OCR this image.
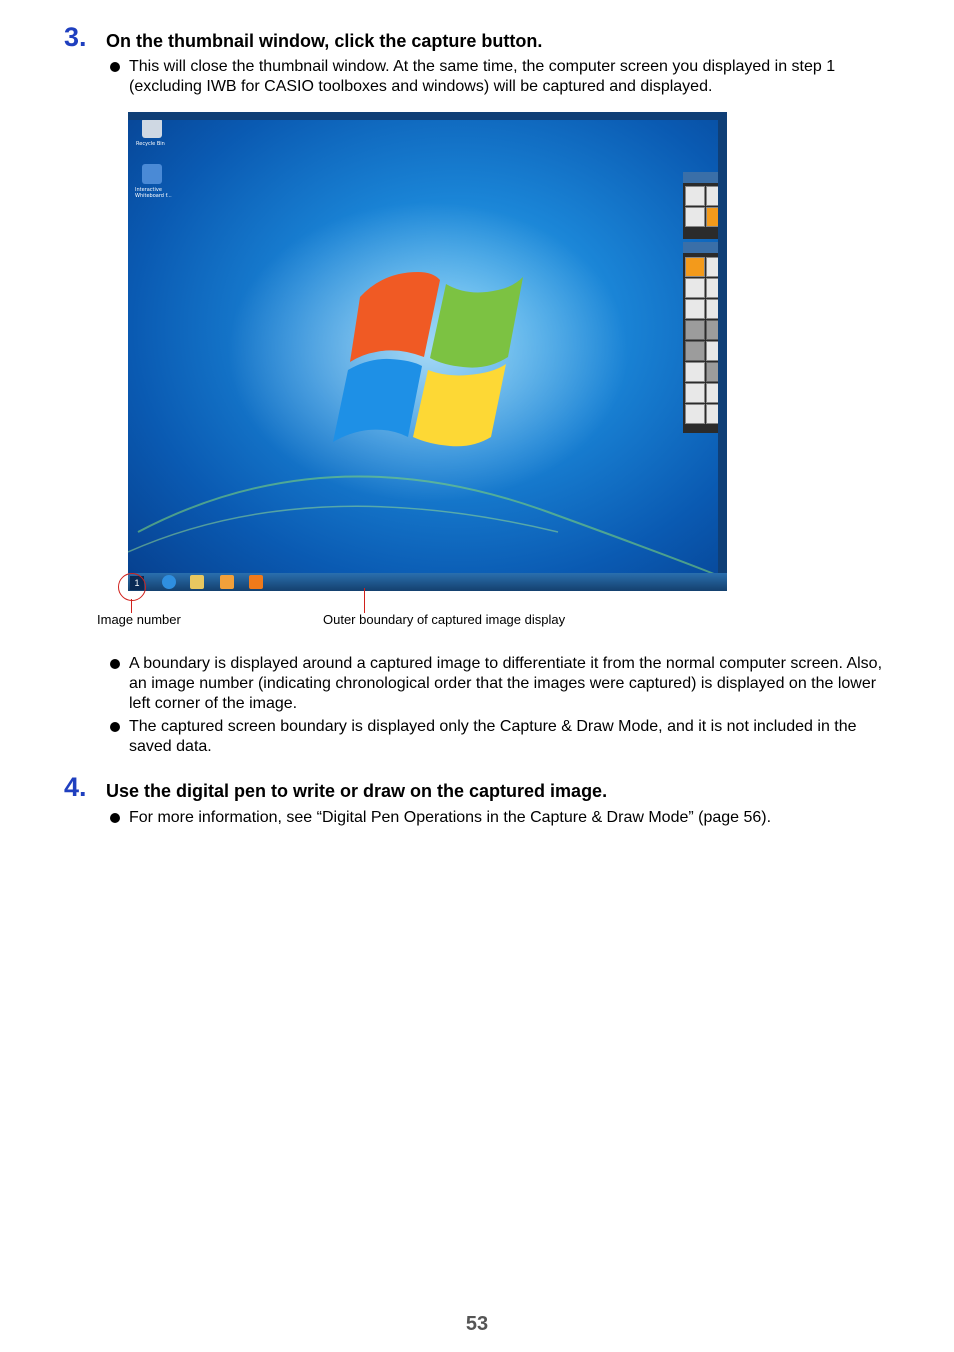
3. On the thumbnail window, click the capture button.
This will close the thumbnail window. At the same time, the computer screen you displayed in step 1 (excluding IWB for CASIO toolboxes and windows) will be captured and displayed.
Recycle Bin
Interactive Whiteboard f...
1
Image number	Outer boundary of captured image display
A boundary is displayed around a captured image to differentiate it from the normal computer screen. Also, an image number (indicating chronological order that the images were captured) is displayed on the lower left corner of the image.
The captured screen boundary is displayed only the Capture & Draw Mode, and it is not included in the saved data.
4. Use the digital pen to write or draw on the captured image.
For more information, see “Digital Pen Operations in the Capture & Draw Mode” (page 56).
53
